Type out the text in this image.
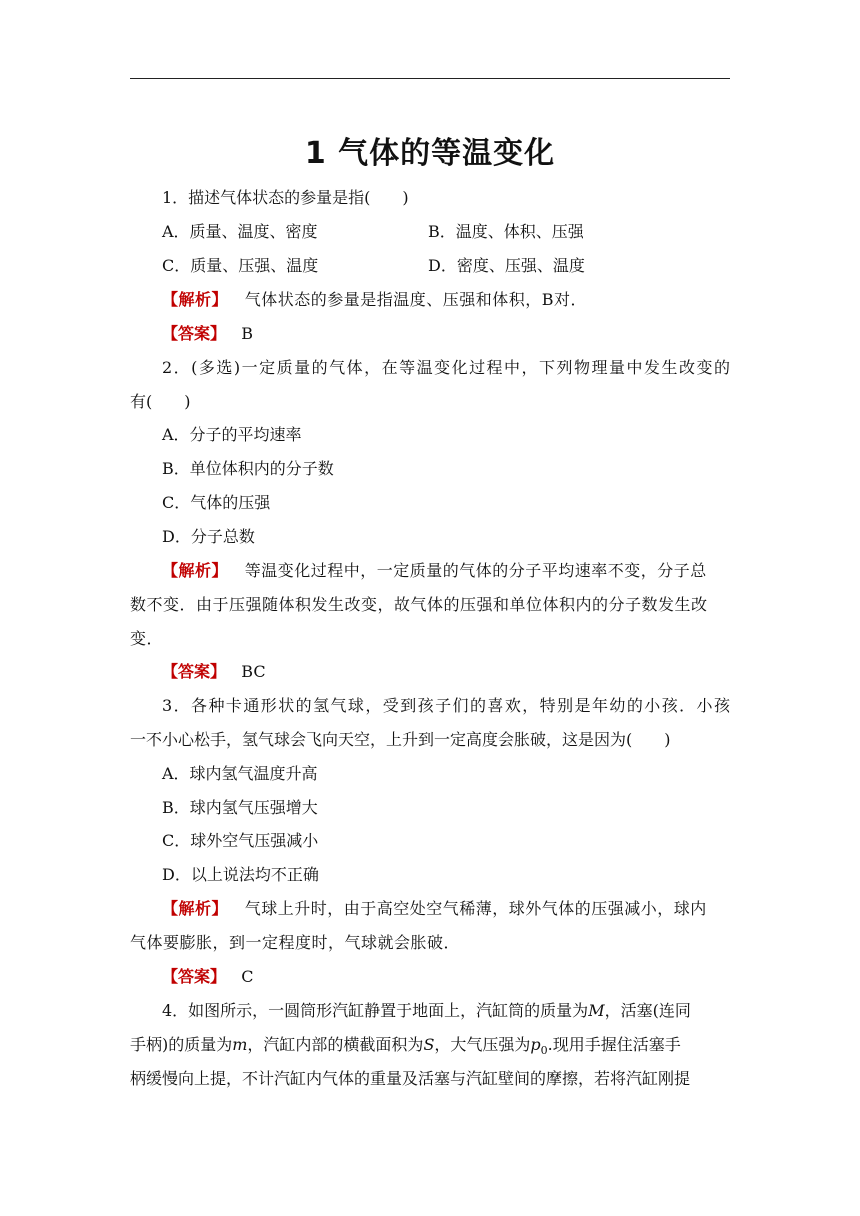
1 气体的等温变化
1．描述气体状态的参量是指(　　)
A．质量、温度、密度	B．温度、体积、压强
C．质量、压强、温度	D．密度、压强、温度
【解析】 气体状态的参量是指温度、压强和体积，B对．
【答案】 B
2．(多选)一定质量的气体，在等温变化过程中，下列物理量中发生改变的
有(　　)
A．分子的平均速率
B．单位体积内的分子数
C．气体的压强
D．分子总数
【解析】 等温变化过程中，一定质量的气体的分子平均速率不变，分子总
数不变．由于压强随体积发生改变，故气体的压强和单位体积内的分子数发生改
变．
【答案】 BC
3．各种卡通形状的氢气球，受到孩子们的喜欢，特别是年幼的小孩．小孩
一不小心松手，氢气球会飞向天空，上升到一定高度会胀破，这是因为(　　)
A．球内氢气温度升高
B．球内氢气压强增大
C．球外空气压强减小
D．以上说法均不正确
【解析】 气球上升时，由于高空处空气稀薄，球外气体的压强减小，球内
气体要膨胀，到一定程度时，气球就会胀破．
【答案】 C
4．如图所示，一圆筒形汽缸静置于地面上，汽缸筒的质量为M，活塞(连同
手柄)的质量为m，汽缸内部的横截面积为S，大气压强为$p_0$.现用手握住活塞手
柄缓慢向上提，不计汽缸内气体的重量及活塞与汽缸壁间的摩擦，若将汽缸刚提
